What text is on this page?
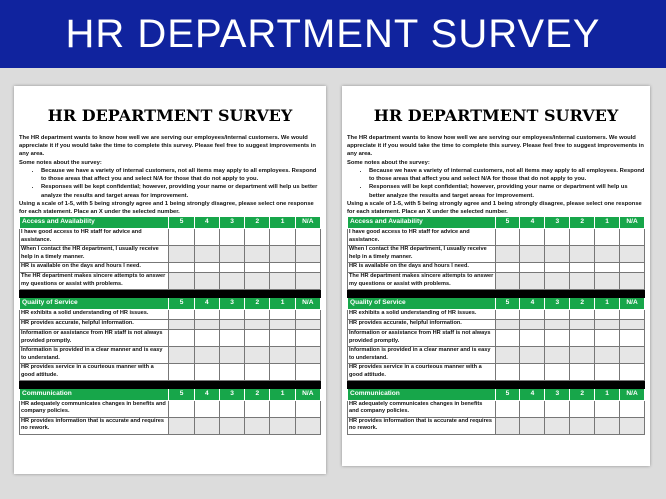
HR DEPARTMENT SURVEY
HR DEPARTMENT SURVEY

The HR department wants to know how well we are serving our employees/internal customers. We would appreciate it if you would take the time to complete this survey. Please feel free to suggest improvements in any area.

Some notes about the survey:

• Because we have a variety of internal customers, not all items may apply to all employees. Respond to those areas that affect you and select N/A for those that do not apply to you.
• Responses will be kept confidential; however, providing your name or department will help us better analyze the results and target areas for improvement.

Using a scale of 1-5, with 5 being strongly agree and 1 being strongly disagree, please select one response for each statement. Place an X under the selected number.

Access and Availability	5	4	3	2	1	N/A
I have good access to HR staff for advice and assistance.						
When I contact the HR department, I usually receive help in a timely manner.						
HR is available on the days and hours I need.						
The HR department makes sincere attempts to answer my questions or assist with problems.						

Quality of Service	5	4	3	2	1	N/A
HR exhibits a solid understanding of HR issues.						
HR provides accurate, helpful information.						
Information or assistance from HR staff is not always provided promptly.						
Information is provided in a clear manner and is easy to understand.						
HR provides service in a courteous manner with a good attitude.						

Communication	5	4	3	2	1	N/A
HR adequately communicates changes in benefits and company policies.						
HR provides information that is accurate and requires no rework.						
HR DEPARTMENT SURVEY

The HR department wants to know how well we are serving our employees/internal customers. We would appreciate it if you would take the time to complete this survey. Please feel free to suggest improvements in any area.

Some notes about the survey:

• Because we have a variety of internal customers, not all items may apply to all employees. Respond to those areas that affect you and select N/A for those that do not apply to you.
• Responses will be kept confidential; however, providing your name or department will help us better analyze the results and target areas for improvement.

Using a scale of 1-5, with 5 being strongly agree and 1 being strongly disagree, please select one response for each statement. Place an X under the selected number.

Access and Availability	5	4	3	2	1	N/A
I have good access to HR staff for advice and assistance.						
When I contact the HR department, I usually receive help in a timely manner.						
HR is available on the days and hours I need.						
The HR department makes sincere attempts to answer my questions or assist with problems.						

Quality of Service	5	4	3	2	1	N/A
HR exhibits a solid understanding of HR issues.						
HR provides accurate, helpful information.						
Information or assistance from HR staff is not always provided promptly.						
Information is provided in a clear manner and is easy to understand.						
HR provides service in a courteous manner with a good attitude.						

Communication	5	4	3	2	1	N/A
HR adequately communicates changes in benefits and company policies.						
HR provides information that is accurate and requires no rework.						
